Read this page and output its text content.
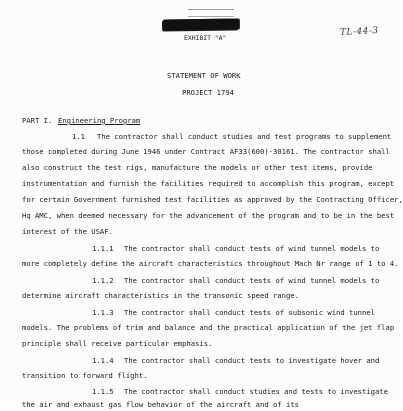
TL-44-3
EXHIBIT "A"
STATEMENT OF WORK
PROJECT 1794
PART I. Engineering Program
1.1 The contractor shall conduct studies and test programs to supplement
those completed during June 1946 under Contract AF33(600)-30161. The contractor shall
also construct the test rigs, manufacture the models or other test items, provide
instrumentation and furnish the facilities required to accomplish this program, except
for certain Government furnished test facilities as approved by the Contracting Officer,
Hq AMC, when deemed necessary for the advancement of the program and to be in the best
interest of the USAF.
1.1.1 The contractor shall conduct tests of wind tunnel models to
more completely define the aircraft characteristics throughout Mach Nr range of 1 to 4.
1.1.2 The contractor shall conduct tests of wind tunnel models to
determine aircraft characteristics in the transonic speed range.
1.1.3 The contractor shall conduct tests of subsonic wind tunnel
models. The problems of trim and balance and the practical application of the jet flap
principle shall receive particular emphasis.
1.1.4 The contractor shall conduct tests to investigate hover and
transition to forward flight.
1.1.5 The contractor shall conduct studies and tests to investigate
the air and exhaust gas flow behavior of the aircraft and of its
